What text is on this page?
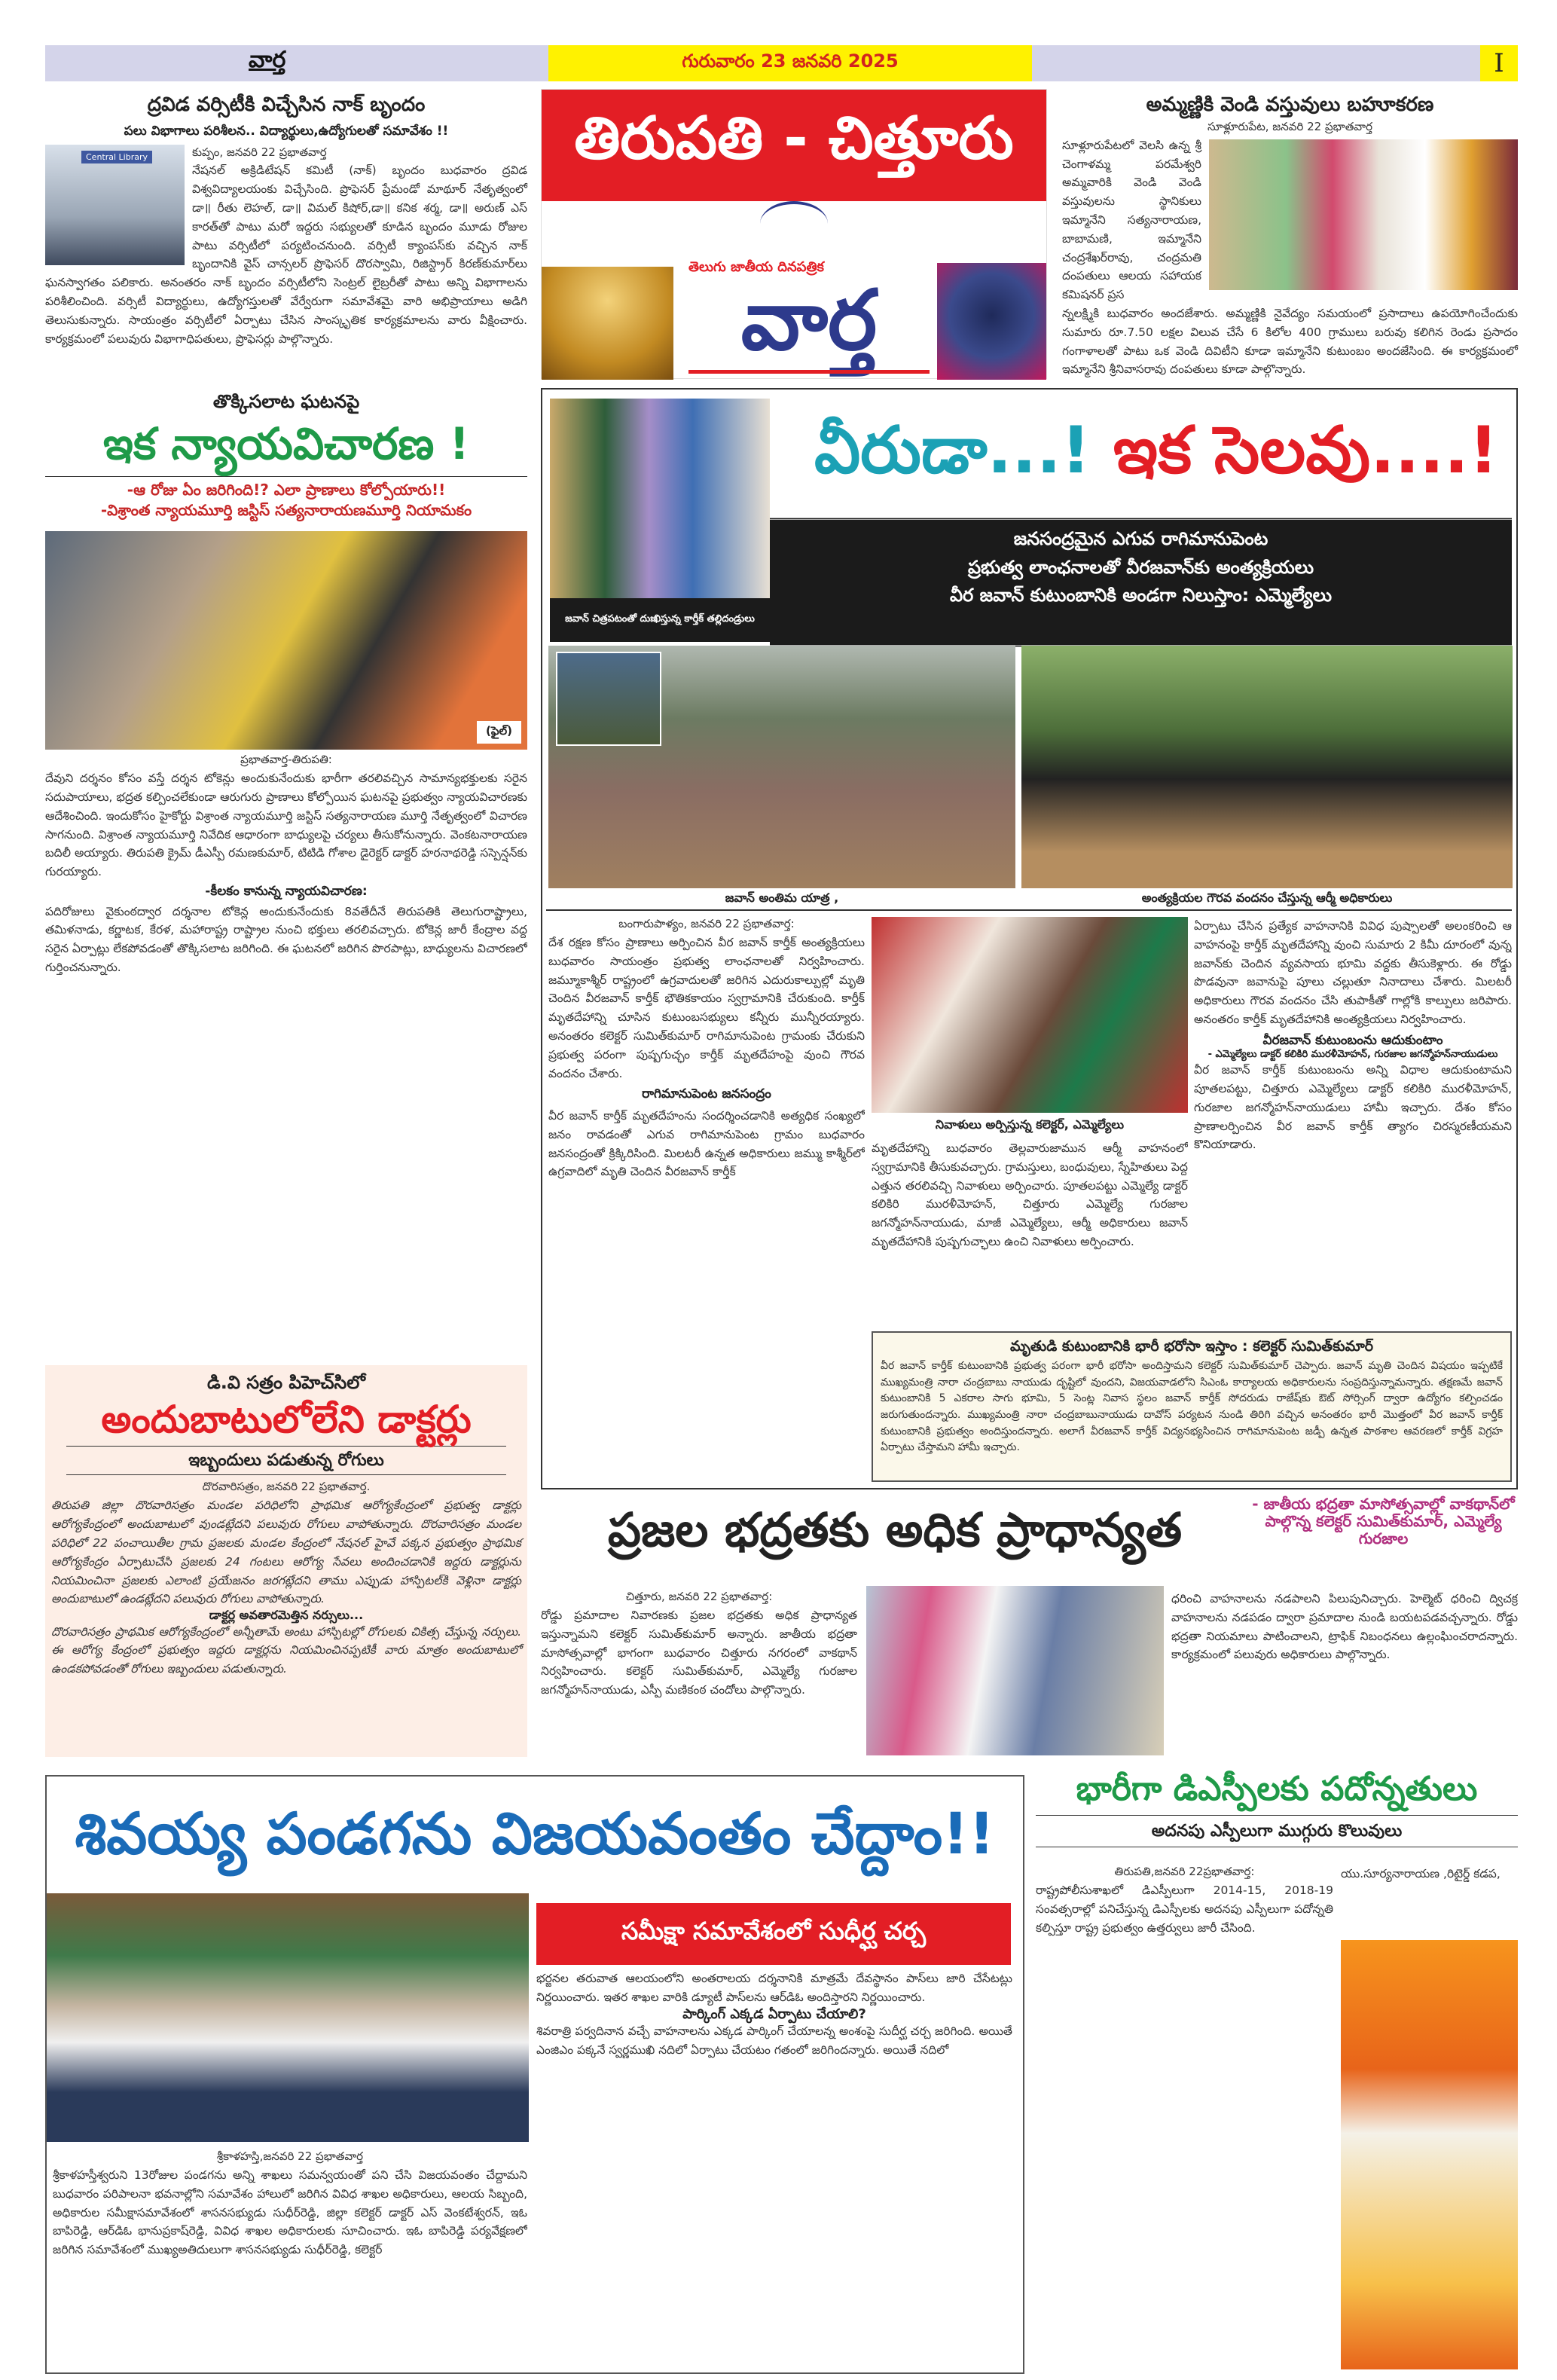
వార్త	గురువారం 23 జనవరి 2025	I
తిరుపతి - చిత్తూరు
తెలుగు జాతీయ దినపత్రిక
వార్త
ద్రవిడ వర్సిటీకి విచ్చేసిన నాక్ బృందం
పలు విభాగాలు పరిశీలన.. విద్యార్థులు,ఉద్యోగులతో సమావేశం !!
Central Library	కుప్పం, జనవరి 22 ప్రభాతవార్త
నేషనల్ అక్రిడిటేషన్ కమిటీ (నాక్) బృందం బుధవారం ద్రవిడ విశ్వవిద్యాలయంకు విచ్చేసింది. ప్రొఫెసర్ ప్రేమండో మాథూర్ నేతృత్వంలో డా॥ రీతు లెహల్, డా॥ విమల్ కిషోర్,డా॥ కనిక శర్మ, డా॥ అరుణ్ ఎస్ కారత్‌తో పాటు మరో ఇద్దరు సభ్యులతో కూడిన బృందం మూడు రోజుల పాటు వర్సిటీలో పర్యటించనుంది. వర్సిటీ క్యాంపస్‌కు వచ్చిన నాక్ బృందానికి వైస్ చాన్సలర్ ప్రొఫెసర్ దొరస్వామి, రిజిస్ట్రార్ కిరణ్‌కుమార్‌లు ఘనస్వాగతం పలికారు. అనంతరం నాక్ బృందం వర్సిటీలోని సెంట్రల్ లైబ్రరీతో పాటు అన్ని విభాగాలను పరిశీలించింది. వర్సిటీ విద్యార్థులు, ఉద్యోగస్తులతో వేర్వేరుగా సమావేశమై వారి అభిప్రాయాలు అడిగి తెలుసుకున్నారు. సాయంత్రం వర్సిటీలో ఏర్పాటు చేసిన సాంస్కృతిక కార్యక్రమాలను వారు వీక్షించారు. కార్యక్రమంలో పలువురు విభాగాధిపతులు, ప్రొఫెసర్లు పాల్గొన్నారు.
అమ్మణ్ణికి వెండి వస్తువులు బహూకరణ
సూళ్లూరుపేట, జనవరి 22 ప్రభాతవార్త
సూళ్లూరుపేటలో వెలసి ఉన్న శ్రీ చెంగాళమ్మ పరమేశ్వరి అమ్మవారికి వెండి వెండి వస్తువులను స్థానికులు ఇమ్మానేని సత్యనారాయణ, బాబామణి, ఇమ్మానేని చంద్రశేఖర్‌రావు, చంద్రమతి దంపతులు ఆలయ సహాయక కమిషనర్ ప్రస
న్నలక్ష్మికి బుధవారం అందజేశారు. అమ్మణ్ణికి నైవేద్యం సమయంలో ప్రసాదాలు ఉపయోగించేందుకు సుమారు రూ.7.50 లక్షల విలువ చేసే 6 కిలోల 400 గ్రాములు బరువు కలిగిన రెండు ప్రసాదం గంగాళాలతో పాటు ఒక వెండి దివిటీని కూడా ఇమ్మానేని కుటుంబం అందజేసింది. ఈ కార్యక్రమంలో ఇమ్మానేని శ్రీనివాసరావు దంపతులు కూడా పాల్గొన్నారు.
తొక్కిసలాట ఘటనపై
ఇక న్యాయవిచారణ !
-ఆ రోజు ఏం జరిగింది!? ఎలా ప్రాణాలు కోల్పోయారు!!
-విశ్రాంత న్యాయమూర్తి జస్టిస్ సత్యనారాయణమూర్తి నియామకం
(ఫైల్)
ప్రభాతవార్త-తిరుపతి:
దేవుని దర్శనం కోసం వస్తే దర్శన టోకెన్లు అందుకునేందుకు భారీగా తరలివచ్చిన సామాన్యభక్తులకు సరైన సదుపాయాలు, భద్రత కల్పించలేకుండా ఆరుగురు ప్రాణాలు కోల్పోయిన ఘటనపై ప్రభుత్వం న్యాయవిచారణకు ఆదేశించింది. ఇందుకోసం హైకోర్టు విశ్రాంత న్యాయమూర్తి జస్టిస్ సత్యనారాయణ మూర్తి నేతృత్వంలో విచారణ సాగనుంది. విశ్రాంత న్యాయమూర్తి నివేదిక ఆధారంగా బాధ్యులపై చర్యలు తీసుకోనున్నారు. వెంకటనారాయణ బదిలీ అయ్యారు. తిరుపతి క్రైమ్ డీఎస్పీ రమణకుమార్, టిటిడి గోశాల డైరెక్టర్ డాక్టర్ హరనాథరెడ్డి సస్పెన్షన్‌కు గురయ్యారు.
-కీలకం కానున్న న్యాయవిచారణ:
పదిరోజులు వైకుంఠద్వార దర్శనాల టోకెన్ల అందుకునేందుకు 8వతేదీనే తిరుపతికి తెలుగురాష్ట్రాలు, తమిళనాడు, కర్ణాటక, కేరళ, మహారాష్ట్ర రాష్ట్రాల నుంచి భక్తులు తరలివచ్చారు. టోకెన్ల జారీ కేంద్రాల వద్ద సరైన ఏర్పాట్లు లేకపోవడంతో తొక్కిసలాట జరిగింది. ఈ ఘటనలో జరిగిన పొరపాట్లు, బాధ్యులను విచారణలో గుర్తించనున్నారు.
జవాన్ చిత్రపటంతో దుఃఖిస్తున్న కార్తీక్ తల్లిదండ్రులు
వీరుడా...! ఇక సెలవు....!
జనసంద్రమైన ఎగువ రాగిమానుపెంట
ప్రభుత్వ లాంఛనాలతో వీరజవాన్‌కు అంత్యక్రియలు
వీర జవాన్ కుటుంబానికి అండగా నిలుస్తాం: ఎమ్మెల్యేలు
జవాన్ అంతిమ యాత్ర ,	అంత్యక్రియల గౌరవ వందనం చేస్తున్న ఆర్మీ అధికారులు
బంగారుపాళ్యం, జనవరి 22 ప్రభాతవార్త:
దేశ రక్షణ కోసం ప్రాణాలు అర్పించిన వీర జవాన్ కార్తీక్ అంత్యక్రియలు బుధవారం సాయంత్రం ప్రభుత్వ లాంఛనాలతో నిర్వహించారు. జమ్మూకాశ్మీర్ రాష్ట్రంలో ఉగ్రవాదులతో జరిగిన ఎదురుకాల్పుల్లో మృతి చెందిన వీరజవాన్ కార్తీక్ భౌతికకాయం స్వగ్రామానికి చేరుకుంది. కార్తీక్ మృతదేహాన్ని చూసిన కుటుంబసభ్యులు కన్నీరు మున్నీరయ్యారు. అనంతరం కలెక్టర్ సుమిత్‌కుమార్ రాగిమానుపెంట గ్రామంకు చేరుకుని ప్రభుత్వ పరంగా పుష్పగుచ్ఛం కార్తీక్ మృతదేహంపై వుంచి గౌరవ వందనం చేశారు.
రాగిమానుపెంట జనసంద్రం
వీర జవాన్ కార్తీక్ మృతదేహంను సందర్శించడానికి అత్యధిక సంఖ్యలో జనం రావడంతో ఎగువ రాగిమానుపెంట గ్రామం బుధవారం జనసంద్రంతో క్రిక్కిరిసింది. మిలటరీ ఉన్నత అధికారులు జమ్ము కాశ్మీర్‌లో ఉగ్రవాదిలో మృతి చెందిన వీరజవాన్ కార్తీక్
నివాళులు అర్పిస్తున్న కలెక్టర్, ఎమ్మెల్యేలు
మృతదేహాన్ని బుధవారం తెల్లవారుజామున ఆర్మీ వాహనంలో స్వగ్రామానికి తీసుకువచ్చారు. గ్రామస్తులు, బంధువులు, స్నేహితులు పెద్ద ఎత్తున తరలివచ్చి నివాళులు అర్పించారు. పూతలపట్టు ఎమ్మెల్యే డాక్టర్ కలికిరి మురళీమోహన్, చిత్తూరు ఎమ్మెల్యే గురజాల జగన్మోహన్‌నాయుడు, మాజీ ఎమ్మెల్యేలు, ఆర్మీ అధికారులు జవాన్ మృతదేహానికి పుష్పగుచ్ఛాలు ఉంచి నివాళులు అర్పించారు.
ఏర్పాటు చేసిన ప్రత్యేక వాహనానికి వివిధ పుష్పాలతో అలంకరించి ఆ వాహనంపై కార్తీక్ మృతదేహాన్ని వుంచి సుమారు 2 కిమీ దూరంలో వున్న జవాన్‌కు చెందిన వ్యవసాయ భూమి వద్దకు తీసుకెళ్లారు. ఈ రోడ్డు పొడవునా జవానుపై పూలు చల్లుతూ నినాదాలు చేశారు. మిలటరీ అధికారులు గౌరవ వందనం చేసి తుపాకీతో గాల్లోకి కాల్పులు జరిపారు. అనంతరం కార్తీక్ మృతదేహానికి అంత్యక్రియలు నిర్వహించారు.
వీరజవాన్ కుటుంబంను ఆదుకుంటాం
- ఎమ్మెల్యేలు డాక్టర్ కలికిరి మురళీమోహన్, గురజాల జగన్మోహన్‌నాయుడులు
వీర జవాన్ కార్తీక్ కుటుంబంను అన్ని విధాల ఆదుకుంటామని పూతలపట్టు, చిత్తూరు ఎమ్మెల్యేలు డాక్టర్ కలికిరి మురళీమోహన్, గురజాల జగన్మోహన్‌నాయుడులు హామీ ఇచ్చారు. దేశం కోసం ప్రాణాలర్పించిన వీర జవాన్ కార్తీక్ త్యాగం చిరస్మరణీయమని కొనియాడారు.
మృతుడి కుటుంబానికి భారీ భరోసా ఇస్తాం : కలెక్టర్ సుమిత్‌కుమార్
వీర జవాన్ కార్తీక్ కుటుంబానికి ప్రభుత్వ పరంగా భారీ భరోసా అందిస్తామని కలెక్టర్ సుమిత్‌కుమార్ చెప్పారు. జవాన్ మృతి చెందిన విషయం ఇప్పటికే ముఖ్యమంత్రి నారా చంద్రబాబు నాయుడు దృష్టిలో వుందని, విజయవాడలోని సిఎంఓ కార్యాలయ అధికారులను సంప్రదిస్తున్నామన్నారు. తక్షణమే జవాన్ కుటుంబానికి 5 ఎకరాల సాగు భూమి, 5 సెంట్ల నివాస స్థలం జవాన్ కార్తీక్ సోదరుడు రాజేష్‌కు ఔట్ సోర్సింగ్ ద్వారా ఉద్యోగం కల్పించడం జరుగుతుందన్నారు. ముఖ్యమంత్రి నారా చంద్రబాబునాయుడు దావోస్ పర్యటన నుండి తిరిగి వచ్చిన అనంతరం భారీ మొత్తంలో వీర జవాన్ కార్తీక్ కుటుంబానికి ప్రభుత్వం అందిస్తుందన్నారు. అలాగే వీరజవాన్ కార్తీక్ విద్యనభ్యసించిన రాగిమానుపెంట జడ్పీ ఉన్నత పాఠశాల ఆవరణలో కార్తీక్ విగ్రహ ఏర్పాటు చేస్తామని హామీ ఇచ్చారు.
డి.వి సత్రం పిహెచ్‌సిలో
అందుబాటులోలేని డాక్టర్లు
ఇబ్బందులు పడుతున్న రోగులు
దొరవారిసత్రం, జనవరి 22 ప్రభాతవార్త.
తిరుపతి జిల్లా దొరవారిసత్రం మండల పరిధిలోని ప్రాథమిక ఆరోగ్యకేంద్రంలో ప్రభుత్వ డాక్టర్లు ఆరోగ్యకేంద్రంలో అందుబాటులో వుండట్లేదని పలువురు రోగులు వాపోతున్నారు. దొరవారిసత్రం మండల పరిధిలో 22 పంచాయితీల గ్రామ ప్రజలకు మండల కేంద్రంలో నేషనల్ హైవే పక్కన ప్రభుత్వం ప్రాథమిక ఆరోగ్యకేంద్రం ఏర్పాటుచేసి ప్రజలకు 24 గంటలు ఆరోగ్య సేవలు అందించడానికి ఇద్దరు డాక్టర్లును నియమించినా ప్రజలకు ఎలాంటి ప్రయేజనం జరగట్లేదని తాము ఎప్పుడు హాస్పిటల్‌కి వెళ్లినా డాక్టర్లు అందుబాటులో ఉండట్లేదని పలువురు రోగులు వాపోతున్నారు.
డాక్టర్ల అవతారమెత్తిన నర్సులు...
దొరవారిసత్రం ప్రాథమిక ఆరోగ్యకేంద్రంలో అన్నీతామే అంటు హాస్పిటల్లో రోగులకు చికిత్స చేస్తున్న నర్సులు. ఈ ఆరోగ్య కేంద్రంలో ప్రభుత్వం ఇద్దరు డాక్టర్లను నియమించినప్పటికీ వారు మాత్రం అందుబాటులో ఉండకపోవడంతో రోగులు ఇబ్బందులు పడుతున్నారు.
ప్రజల భద్రతకు అధిక ప్రాధాన్యత	- జాతీయ భద్రతా మాసోత్సవాల్లో వాకథాన్‌లో పాల్గొన్న కలెక్టర్ సుమిత్‌కుమార్, ఎమ్మెల్యే గురజాల
చిత్తూరు, జనవరి 22 ప్రభాతవార్త:
రోడ్డు ప్రమాదాల నివారణకు ప్రజల భద్రతకు అధిక ప్రాధాన్యత ఇస్తున్నామని కలెక్టర్ సుమిత్‌కుమార్ అన్నారు. జాతీయ భద్రతా మాసోత్సవాల్లో భాగంగా బుధవారం చిత్తూరు నగరంలో వాకథాన్ నిర్వహించారు. కలెక్టర్ సుమిత్‌కుమార్, ఎమ్మెల్యే గురజాల జగన్మోహన్‌నాయుడు, ఎస్పీ మణికంఠ చందోలు పాల్గొన్నారు.
ధరించి వాహనాలను నడపాలని పిలుపునిచ్చారు. హెల్మెట్ ధరించి ద్విచక్ర వాహనాలను నడపడం ద్వారా ప్రమాదాల నుండి బయటపడవచ్చన్నారు. రోడ్డు భద్రతా నియమాలు పాటించాలని, ట్రాఫిక్ నిబంధనలు ఉల్లంఘించరాదన్నారు. కార్యక్రమంలో పలువురు అధికారులు పాల్గొన్నారు.
శివయ్య పండగను విజయవంతం చేద్దాం!!
సమీక్షా సమావేశంలో సుధీర్ఘ చర్చ
భర్జనల తరువాత ఆలయంలోని అంతరాలయ దర్శనానికి మాత్రమే దేవస్థానం పాస్‌లు జారి చేసేటట్లు నిర్ణయించారు. ఇతర శాఖల వారికి డ్యూటీ పాస్‌లను ఆర్‌డిఓ అందిస్తారని నిర్ణయించారు.
పార్కింగ్ ఎక్కడ ఏర్పాటు చేయాలి?
శివరాత్రి పర్వదినాన వచ్చే వాహనాలను ఎక్కడ పార్కింగ్ చేయాలన్న అంశంపై సుదీర్ఘ చర్చ జరిగింది. అయితే ఎంజిఎం పక్కనే స్వర్ణముఖి నదిలో ఏర్పాటు చేయటం గతంలో జరిగిందన్నారు. అయితే నదిలో
శ్రీకాళహస్తి,జనవరి 22 ప్రభాతవార్త
శ్రీకాళహస్తీశ్వరుని 13రోజుల పండగను అన్ని శాఖలు సమన్వయంతో పని చేసి విజయవంతం చేద్దామని బుధవారం పరిపాలనా భవనాల్లోని సమావేశం హాలులో జరిగిన వివిధ శాఖల అధికారులు, ఆలయ సిబ్బంది, అధికారుల సమీక్షాసమావేశంలో శాసనసభ్యుడు సుధీర్‌రెడ్డి, జిల్లా కలెక్టర్ డాక్టర్ ఎస్ వెంకటేశ్వరన్, ఇఓ బాపిరెడ్డి, ఆర్‌డిఓ భానుప్రకాష్‌రెడ్డి, వివిధ శాఖల అధికారులకు సూచించారు. ఇఓ బాపిరెడ్డి పర్యవేక్షణలో జరిగిన సమావేశంలో ముఖ్యఅతిదులుగా శాసనసభ్యుడు సుధీర్‌రెడ్డి, కలెక్టర్
భారీగా డిఎస్పీలకు పదోన్నతులు
అదనపు ఎస్పీలుగా ముగ్గురు కొలువులు
తిరుపతి,జనవరి 22ప్రభాతవార్త:
రాష్ట్రపోలీసుశాఖలో డిఎస్పీలుగా 2014-15, 2018-19 సంవత్సరాల్లో పనిచేస్తున్న డిఎస్పీలకు అదనపు ఎస్పీలుగా పదోన్నతి కల్పిస్తూ రాష్ట్ర ప్రభుత్వం ఉత్తర్వులు జారీ చేసింది.
యు.సూర్యనారాయణ ,రిటైర్డ్ కడప,
